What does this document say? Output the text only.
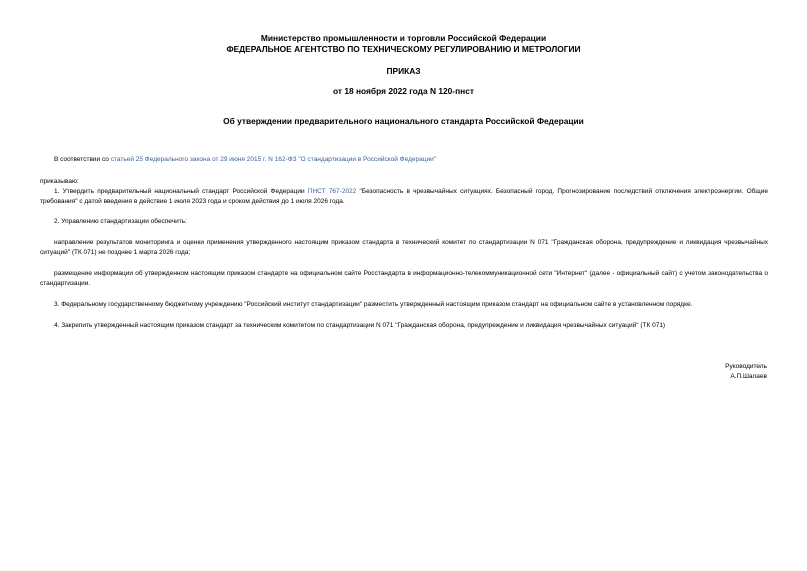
Министерство промышленности и торговли Российской Федерации
ФЕДЕРАЛЬНОЕ АГЕНТСТВО ПО ТЕХНИЧЕСКОМУ РЕГУЛИРОВАНИЮ И МЕТРОЛОГИИ
ПРИКАЗ
от 18 ноября 2022 года N 120-пнст
Об утверждении предварительного национального стандарта Российской Федерации
В соответствии со статьей 25 Федерального закона от 29 июня 2015 г. N 162-ФЗ "О стандартизации в Российской Федерации"
приказываю:
1. Утвердить предварительный национальный стандарт Российской Федерации ПНСТ 767-2022 "Безопасность в чрезвычайных ситуациях. Безопасный город. Прогнозирование последствий отключения электроэнергии. Общие требования" с датой введения в действие 1 июля 2023 года и сроком действия до 1 июля 2026 года.
2. Управлению стандартизации обеспечить:
направление результатов мониторинга и оценки применения утвержденного настоящим приказом стандарта в технический комитет по стандартизации N 071 "Гражданская оборона, предупреждение и ликвидация чрезвычайных ситуаций" (ТК 071) не позднее 1 марта 2026 года;
размещение информации об утвержденном настоящим приказом стандарте на официальном сайте Росстандарта в информационно-телекоммуникационной сети "Интернет" (далее - официальный сайт) с учетом законодательства о стандартизации.
3. Федеральному государственному бюджетному учреждению "Российский институт стандартизации" разместить утвержденный настоящим приказом стандарт на официальном сайте в установленном порядке.
4. Закрепить утвержденный настоящим приказом стандарт за техническим комитетом по стандартизации N 071 "Гражданская оборона, предупреждение и ликвидация чрезвычайных ситуаций" (ТК 071)
Руководитель
А.П.Шалаев
